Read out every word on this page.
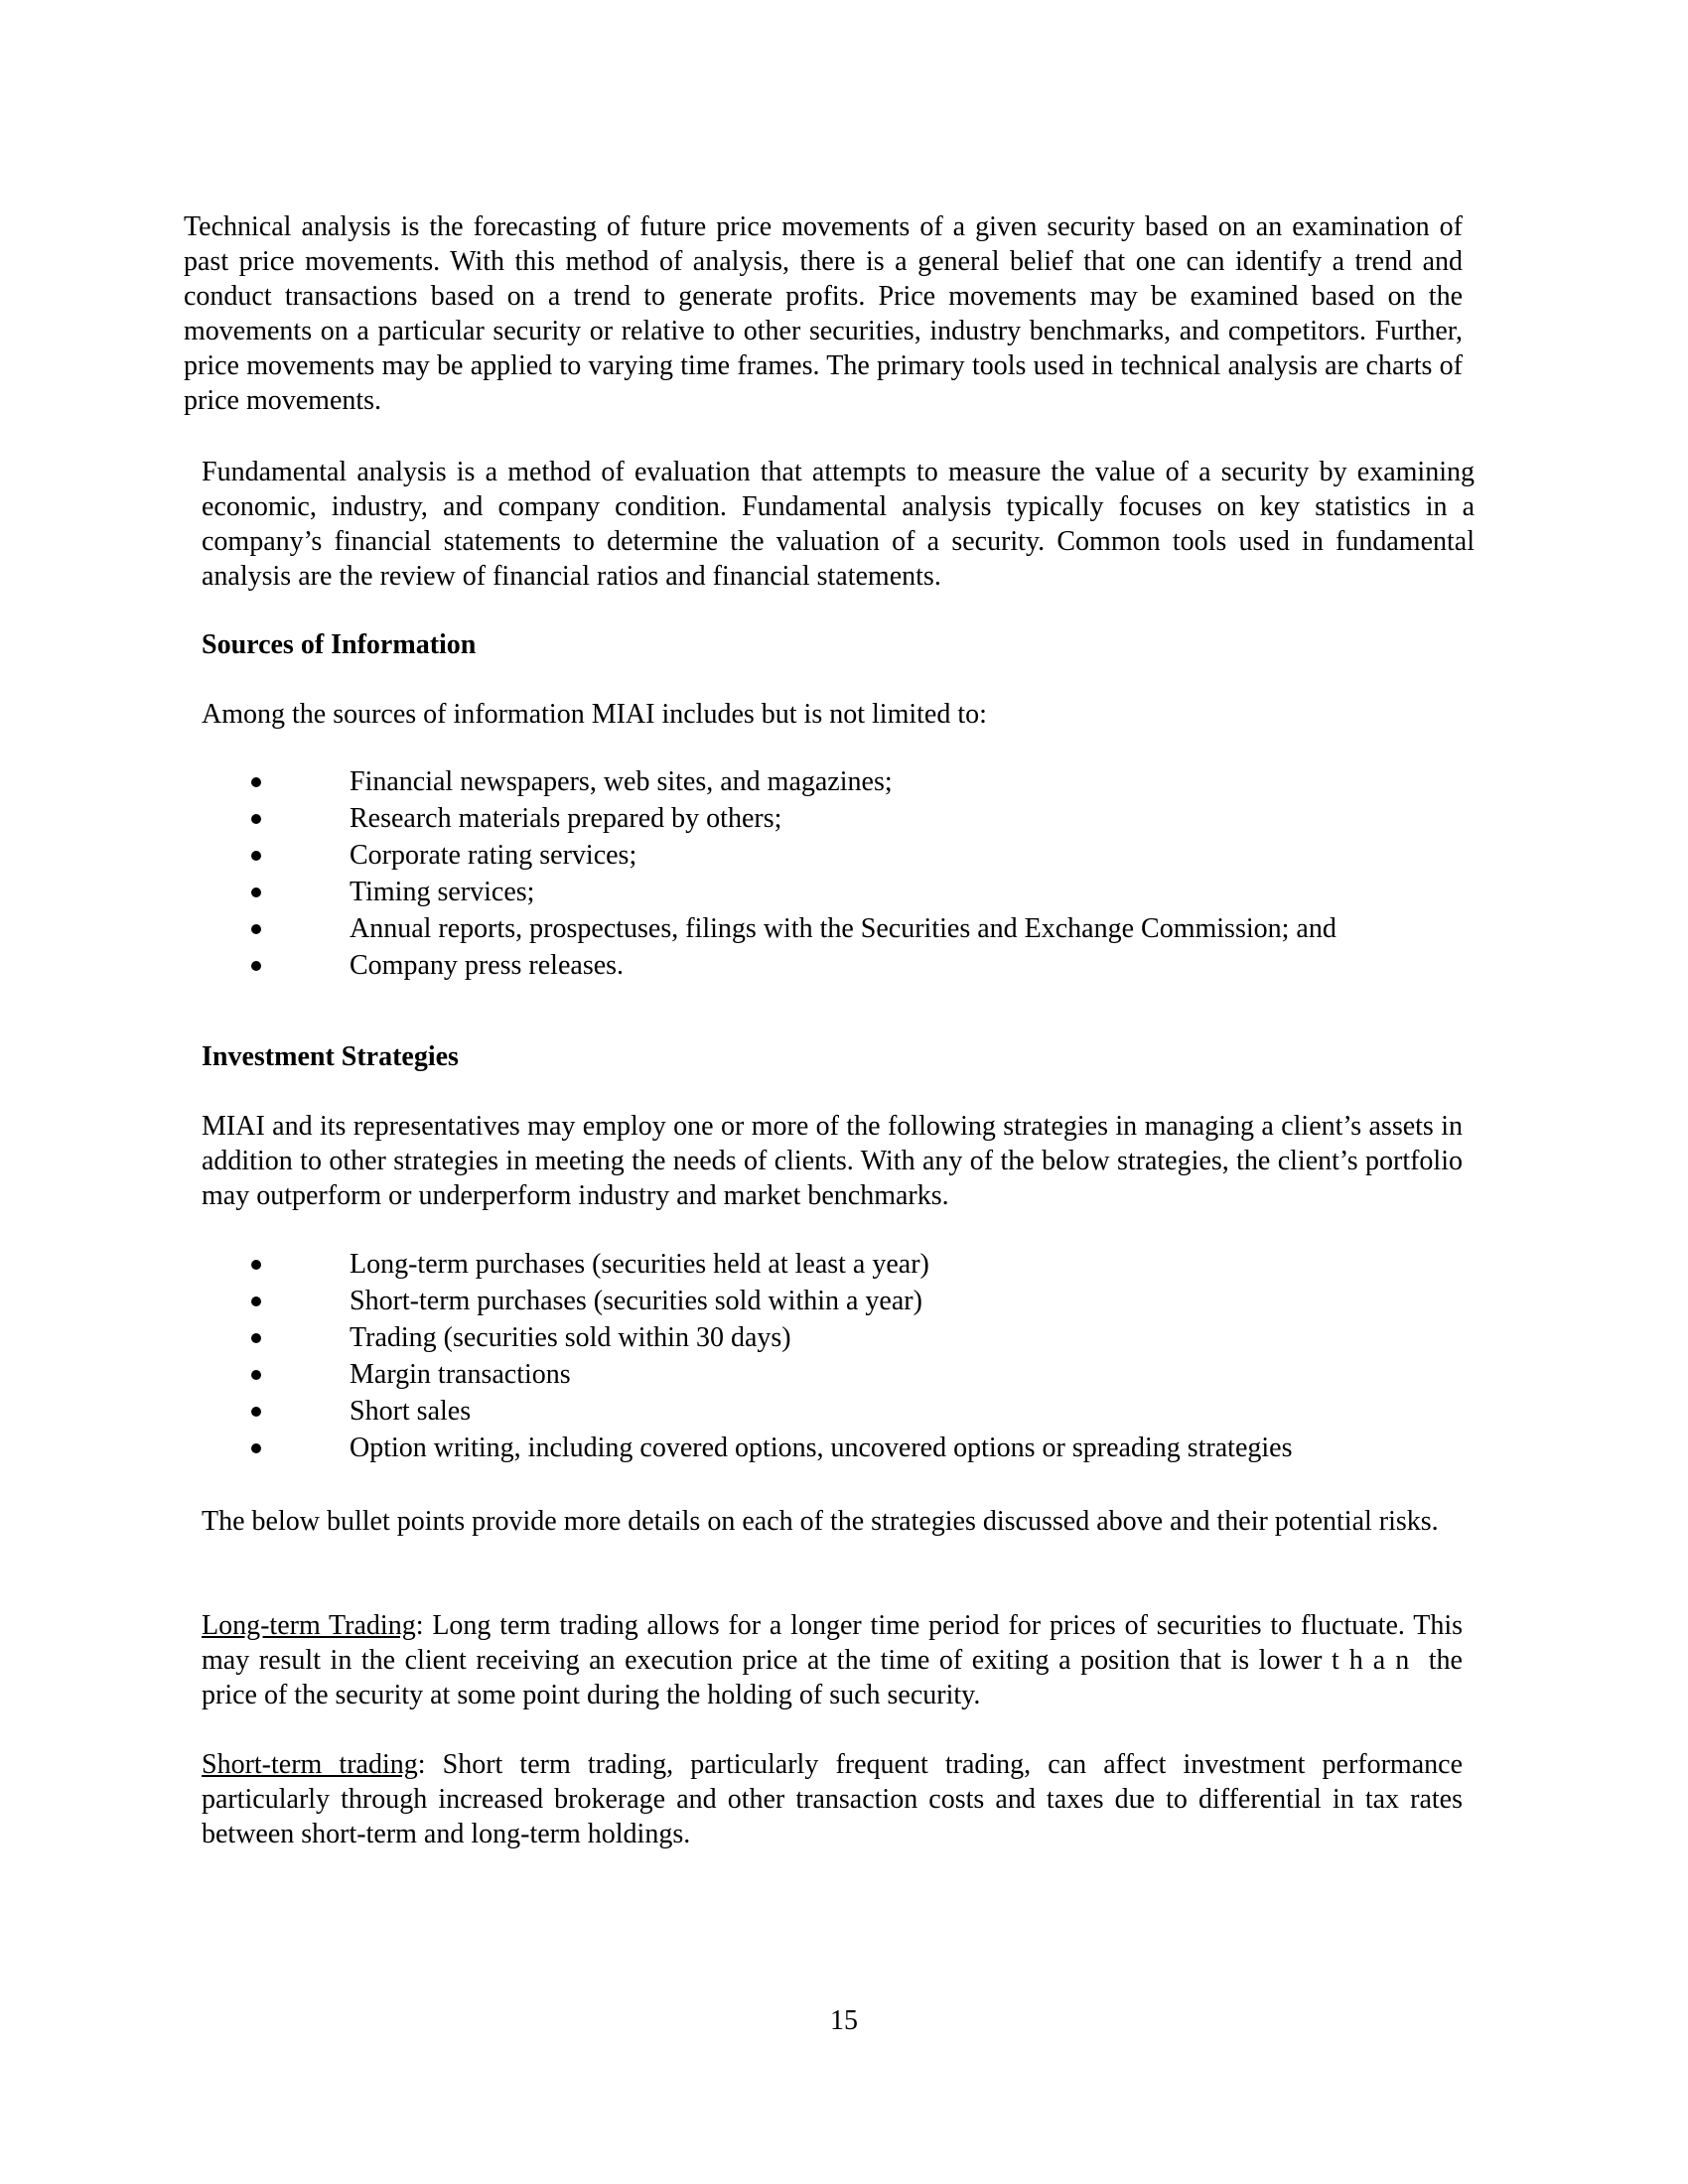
Technical analysis is the forecasting of future price movements of a given security based on an examination of past price movements. With this method of analysis, there is a general belief that one can identify a trend and conduct transactions based on a trend to generate profits. Price movements may be examined based on the movements on a particular security or relative to other securities, industry benchmarks, and competitors. Further, price movements may be applied to varying time frames. The primary tools used in technical analysis are charts of price movements.

Fundamental analysis is a method of evaluation that attempts to measure the value of a security by examining economic, industry, and company condition. Fundamental analysis typically focuses on key statistics in a company’s financial statements to determine the valuation of a security. Common tools used in fundamental analysis are the review of financial ratios and financial statements.

Sources of Information

Among the sources of information MIAI includes but is not limited to:

Financial newspapers, web sites, and magazines;
Research materials prepared by others;
Corporate rating services;
Timing services;
Annual reports, prospectuses, filings with the Securities and Exchange Commission; and
Company press releases.

Investment Strategies

MIAI and its representatives may employ one or more of the following strategies in managing a client’s assets in addition to other strategies in meeting the needs of clients. With any of the below strategies, the client’s portfolio may outperform or underperform industry and market benchmarks.

Long-term purchases (securities held at least a year)
Short-term purchases (securities sold within a year)
Trading (securities sold within 30 days)
Margin transactions
Short sales
Option writing, including covered options, uncovered options or spreading strategies

The below bullet points provide more details on each of the strategies discussed above and their potential risks.

Long-term Trading: Long term trading allows for a longer time period for prices of securities to fluctuate. This may result in the client receiving an execution price at the time of exiting a position that is lower than the price of the security at some point during the holding of such security.

Short-term trading: Short term trading, particularly frequent trading, can affect investment performance particularly through increased brokerage and other transaction costs and taxes due to differential in tax rates between short-term and long-term holdings.

15
